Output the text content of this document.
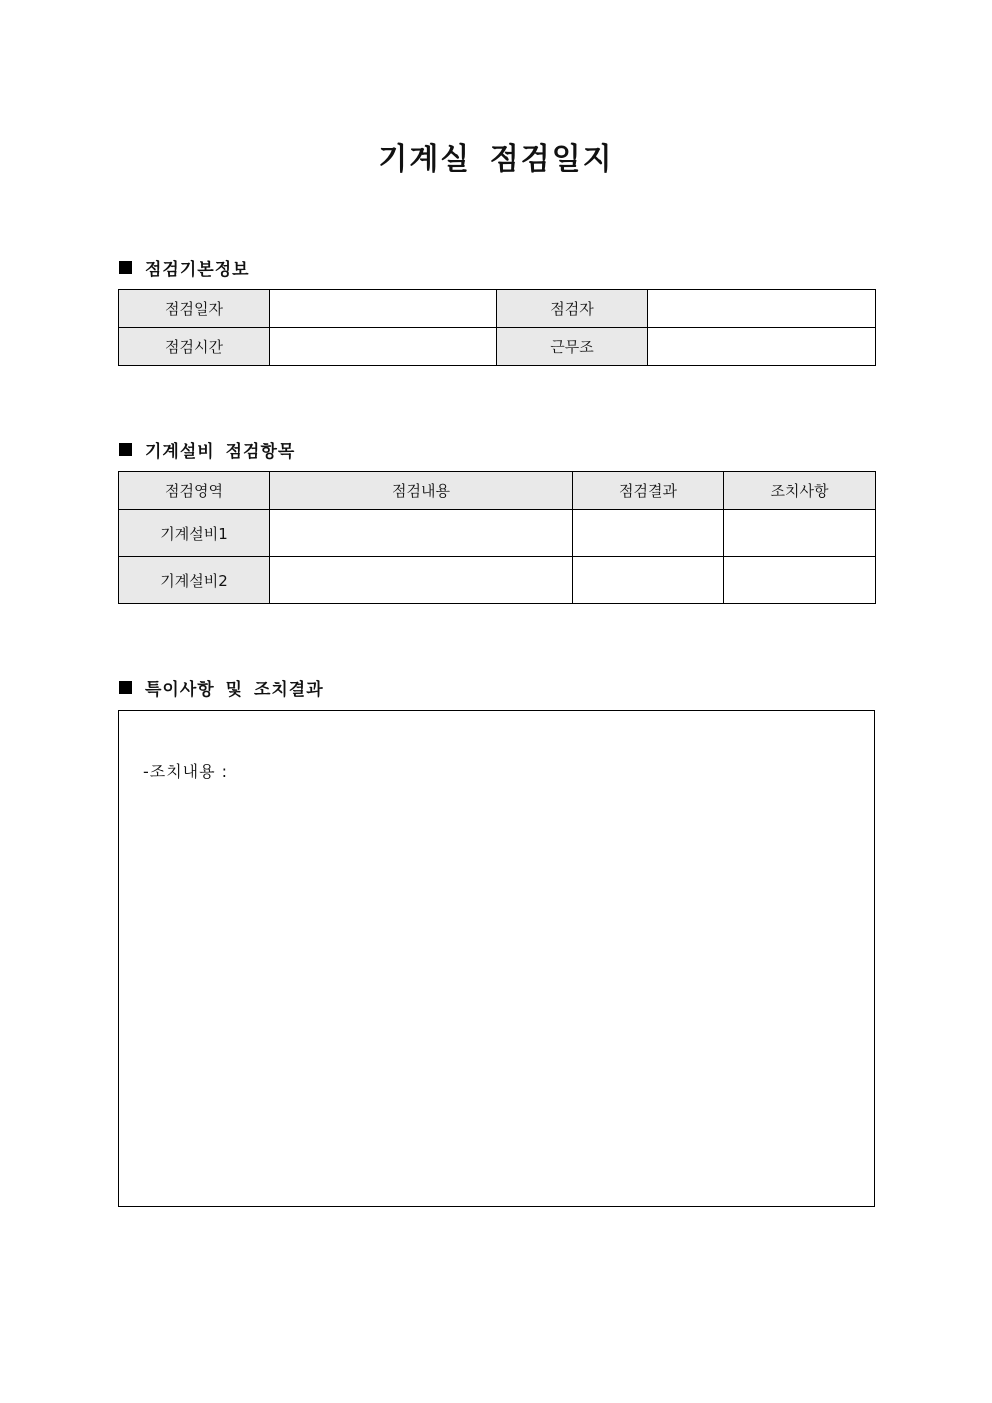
기계실 점검일지
점검기본정보
점검일자		점검자	
점검시간		근무조	
기계설비 점검항목
점검영역	점검내용	점검결과	조치사항
기계설비1			
기계설비2			
특이사항 및 조치결과
-조치내용 :
